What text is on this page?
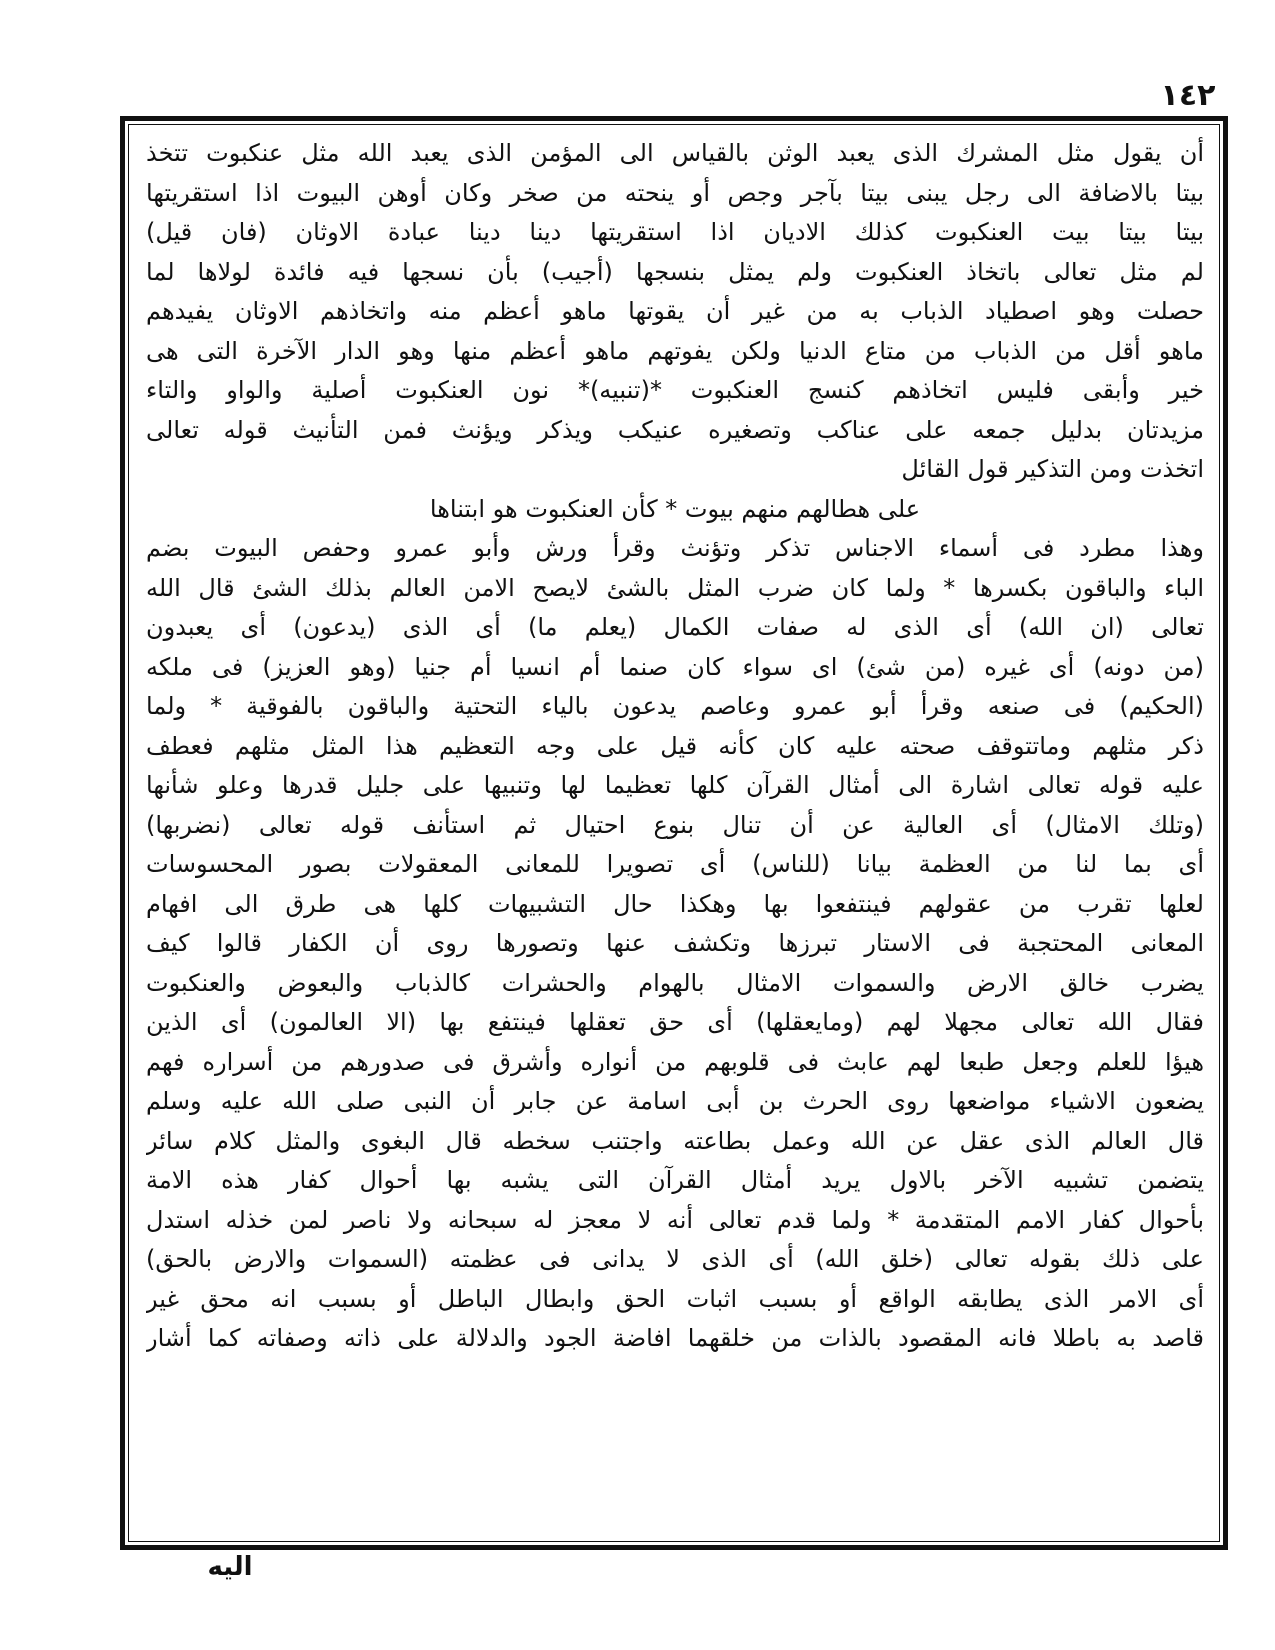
١٤٢
أن يقول مثل المشرك الذى يعبد الوثن بالقياس الى المؤمن الذى يعبد الله مثل عنكبوت تتخذ
بيتا بالاضافة الى رجل يبنى بيتا بآجر وجص أو ينحته من صخر وكان أوهن البيوت اذا استقريتها
بيتا بيتا بيت العنكبوت كذلك الاديان اذا استقريتها دينا دينا عبادة الاوثان (فان قيل)
لم مثل تعالى باتخاذ العنكبوت ولم يمثل بنسجها (أجيب) بأن نسجها فيه فائدة لولاها لما
حصلت وهو اصطياد الذباب به من غير أن يقوتها ماهو أعظم منه واتخاذهم الاوثان يفيدهم
ماهو أقل من الذباب من متاع الدنيا ولكن يفوتهم ماهو أعظم منها وهو الدار الآخرة التى هى
خير وأبقى فليس اتخاذهم كنسج العنكبوت *(تنبيه)* نون العنكبوت أصلية والواو والتاء
مزيدتان بدليل جمعه على عناكب وتصغيره عنيكب ويذكر ويؤنث فمن التأنيث قوله تعالى
اتخذت ومن التذكير قول القائل
على هطالهم منهم بيوت * كأن العنكبوت هو ابتناها
وهذا مطرد فى أسماء الاجناس تذكر وتؤنث وقرأ ورش وأبو عمرو وحفص البيوت بضم
الباء والباقون بكسرها * ولما كان ضرب المثل بالشئ لايصح الامن العالم بذلك الشئ قال الله
تعالى (ان الله) أى الذى له صفات الكمال (يعلم ما) أى الذى (يدعون) أى يعبدون
(من دونه) أى غيره (من شئ) اى سواء كان صنما أم انسيا أم جنيا (وهو العزيز) فى ملكه
(الحكيم) فى صنعه وقرأ أبو عمرو وعاصم يدعون بالياء التحتية والباقون بالفوقية * ولما
ذكر مثلهم وماتتوقف صحته عليه كان كأنه قيل على وجه التعظيم هذا المثل مثلهم فعطف
عليه قوله تعالى اشارة الى أمثال القرآن كلها تعظيما لها وتنبيها على جليل قدرها وعلو شأنها
(وتلك الامثال) أى العالية عن أن تنال بنوع احتيال ثم استأنف قوله تعالى (نضربها)
أى بما لنا من العظمة بيانا (للناس) أى تصويرا للمعانى المعقولات بصور المحسوسات
لعلها تقرب من عقولهم فينتفعوا بها وهكذا حال التشبيهات كلها هى طرق الى افهام
المعانى المحتجبة فى الاستار تبرزها وتكشف عنها وتصورها روى أن الكفار قالوا كيف
يضرب خالق الارض والسموات الامثال بالهوام والحشرات كالذباب والبعوض والعنكبوت
فقال الله تعالى مجهلا لهم (ومايعقلها) أى حق تعقلها فينتفع بها (الا العالمون) أى الذين
هيؤا للعلم وجعل طبعا لهم عابث فى قلوبهم من أنواره وأشرق فى صدورهم من أسراره فهم
يضعون الاشياء مواضعها روى الحرث بن أبى اسامة عن جابر أن النبى صلى الله عليه وسلم
قال العالم الذى عقل عن الله وعمل بطاعته واجتنب سخطه قال البغوى والمثل كلام سائر
يتضمن تشبيه الآخر بالاول يريد أمثال القرآن التى يشبه بها أحوال كفار هذه الامة
بأحوال كفار الامم المتقدمة * ولما قدم تعالى أنه لا معجز له سبحانه ولا ناصر لمن خذله استدل
على ذلك بقوله تعالى (خلق الله) أى الذى لا يدانى فى عظمته (السموات والارض بالحق)
أى الامر الذى يطابقه الواقع أو بسبب اثبات الحق وابطال الباطل أو بسبب انه محق غير
قاصد به باطلا فانه المقصود بالذات من خلقهما افاضة الجود والدلالة على ذاته وصفاته كما أشار
اليه
